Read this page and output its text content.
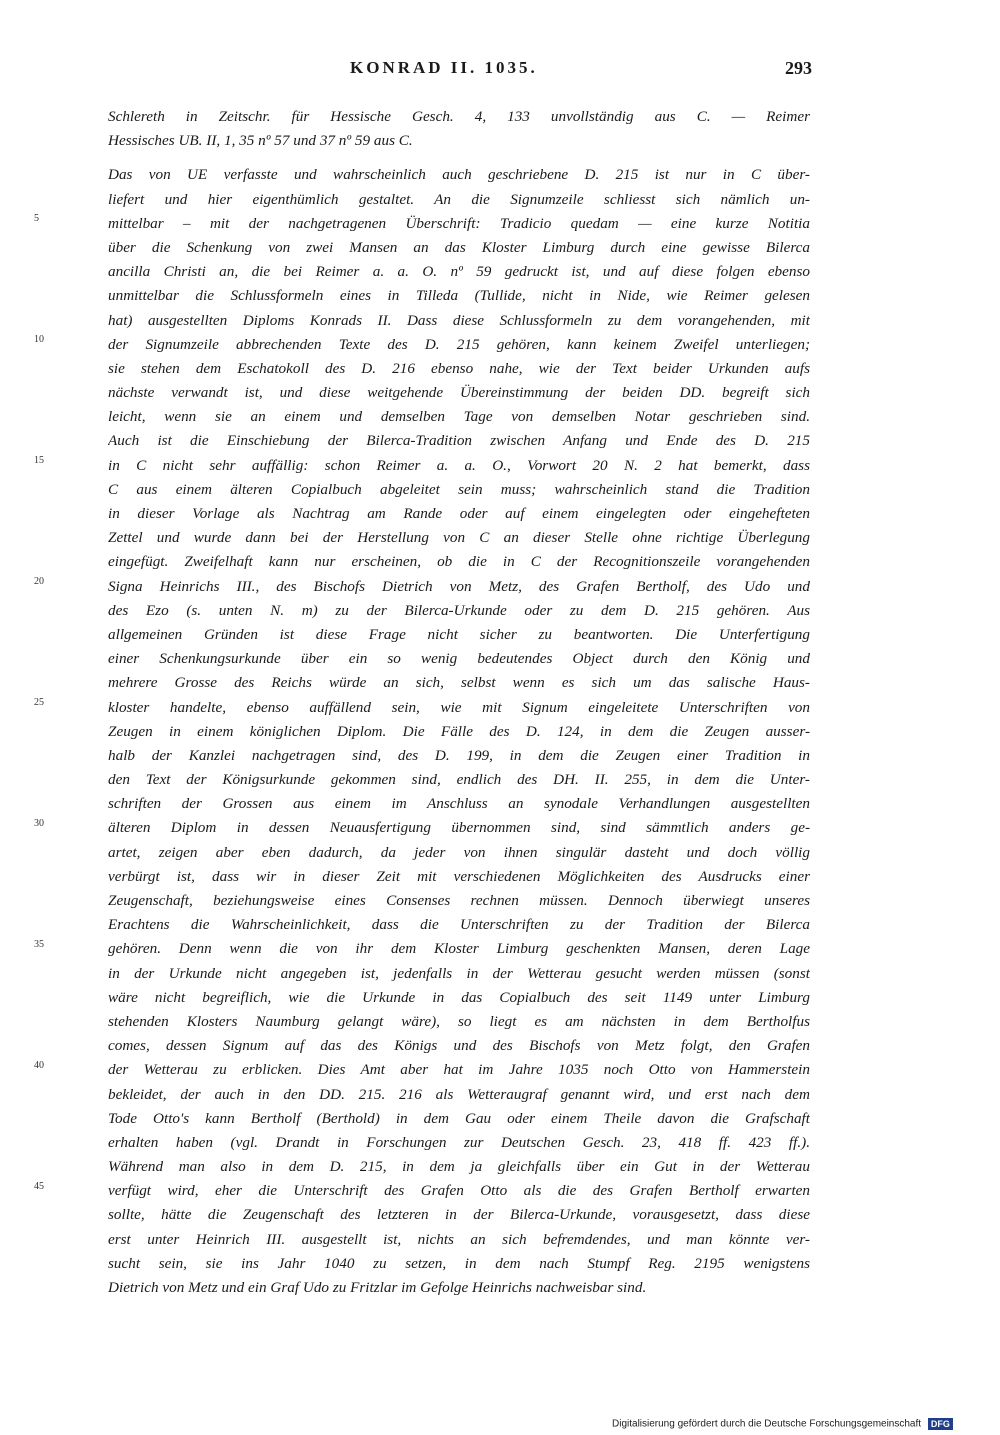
KONRAD II. 1035.	293
Schlereth in Zeitschr. für Hessische Gesch. 4, 133 unvollständig aus C. — Reimer
Hessisches UB. II, 1, 35 nº 57 und 37 nº 59 aus C.
Das von UE verfasste und wahrscheinlich auch geschriebene D. 215 ist nur in C über-
liefert und hier eigenthümlich gestaltet. An die Signumzeile schliesst sich nämlich un-
mittelbar – mit der nachgetragenen Überschrift: Tradicio quedam — eine kurze Notitia
über die Schenkung von zwei Mansen an das Kloster Limburg durch eine gewisse Bilerca
ancilla Christi an, die bei Reimer a. a. O. nº 59 gedruckt ist, und auf diese folgen ebenso
unmittelbar die Schlussformeln eines in Tilleda (Tullide, nicht in Nide, wie Reimer gelesen
hat) ausgestellten Diploms Konrads II. Dass diese Schlussformeln zu dem vorangehenden, mit
der Signumzeile abbrechenden Texte des D. 215 gehören, kann keinem Zweifel unterliegen;
sie stehen dem Eschatokoll des D. 216 ebenso nahe, wie der Text beider Urkunden aufs
nächste verwandt ist, und diese weitgehende Übereinstimmung der beiden DD. begreift sich
leicht, wenn sie an einem und demselben Tage von demselben Notar geschrieben sind.
Auch ist die Einschiebung der Bilerca-Tradition zwischen Anfang und Ende des D. 215
in C nicht sehr auffällig: schon Reimer a. a. O., Vorwort 20 N. 2 hat bemerkt, dass
C aus einem älteren Copialbuch abgeleitet sein muss; wahrscheinlich stand die Tradition
in dieser Vorlage als Nachtrag am Rande oder auf einem eingelegten oder eingehefteten
Zettel und wurde dann bei der Herstellung von C an dieser Stelle ohne richtige Überlegung
eingefügt. Zweifelhaft kann nur erscheinen, ob die in C der Recognitionszeile vorangehenden
Signa Heinrichs III., des Bischofs Dietrich von Metz, des Grafen Bertholf, des Udo und
des Ezo (s. unten N. m) zu der Bilerca-Urkunde oder zu dem D. 215 gehören. Aus
allgemeinen Gründen ist diese Frage nicht sicher zu beantworten. Die Unterfertigung
einer Schenkungsurkunde über ein so wenig bedeutendes Object durch den König und
mehrere Grosse des Reichs würde an sich, selbst wenn es sich um das salische Haus-
kloster handelte, ebenso auffällend sein, wie mit Signum eingeleitete Unterschriften von
Zeugen in einem königlichen Diplom. Die Fälle des D. 124, in dem die Zeugen ausser-
halb der Kanzlei nachgetragen sind, des D. 199, in dem die Zeugen einer Tradition in
den Text der Königsurkunde gekommen sind, endlich des DH. II. 255, in dem die Unter-
schriften der Grossen aus einem im Anschluss an synodale Verhandlungen ausgestellten
älteren Diplom in dessen Neuausfertigung übernommen sind, sind sämmtlich anders ge-
artet, zeigen aber eben dadurch, da jeder von ihnen singulär dasteht und doch völlig
verbürgt ist, dass wir in dieser Zeit mit verschiedenen Möglichkeiten des Ausdrucks einer
Zeugenschaft, beziehungsweise eines Consenses rechnen müssen. Dennoch überwiegt unseres
Erachtens die Wahrscheinlichkeit, dass die Unterschriften zu der Tradition der Bilerca
gehören. Denn wenn die von ihr dem Kloster Limburg geschenkten Mansen, deren Lage
in der Urkunde nicht angegeben ist, jedenfalls in der Wetterau gesucht werden müssen (sonst
wäre nicht begreiflich, wie die Urkunde in das Copialbuch des seit 1149 unter Limburg
stehenden Klosters Naumburg gelangt wäre), so liegt es am nächsten in dem Bertholfus
comes, dessen Signum auf das des Königs und des Bischofs von Metz folgt, den Grafen
der Wetterau zu erblicken. Dies Amt aber hat im Jahre 1035 noch Otto von Hammerstein
bekleidet, der auch in den DD. 215. 216 als Wetteraugraf genannt wird, und erst nach dem
Tode Otto's kann Bertholf (Berthold) in dem Gau oder einem Theile davon die Grafschaft
erhalten haben (vgl. Drandt in Forschungen zur Deutschen Gesch. 23, 418 ff. 423 ff.).
Während man also in dem D. 215, in dem ja gleichfalls über ein Gut in der Wetterau
verfügt wird, eher die Unterschrift des Grafen Otto als die des Grafen Bertholf erwarten
sollte, hätte die Zeugenschaft des letzteren in der Bilerca-Urkunde, vorausgesetzt, dass diese
erst unter Heinrich III. ausgestellt ist, nichts an sich befremdendes, und man könnte ver-
sucht sein, sie ins Jahr 1040 zu setzen, in dem nach Stumpf Reg. 2195 wenigstens
Dietrich von Metz und ein Graf Udo zu Fritzlar im Gefolge Heinrichs nachweisbar sind.
5
10
15
20
25
30
35
40
45
Digitalisierung gefördert durch die Deutsche Forschungsgemeinschaft DFG
